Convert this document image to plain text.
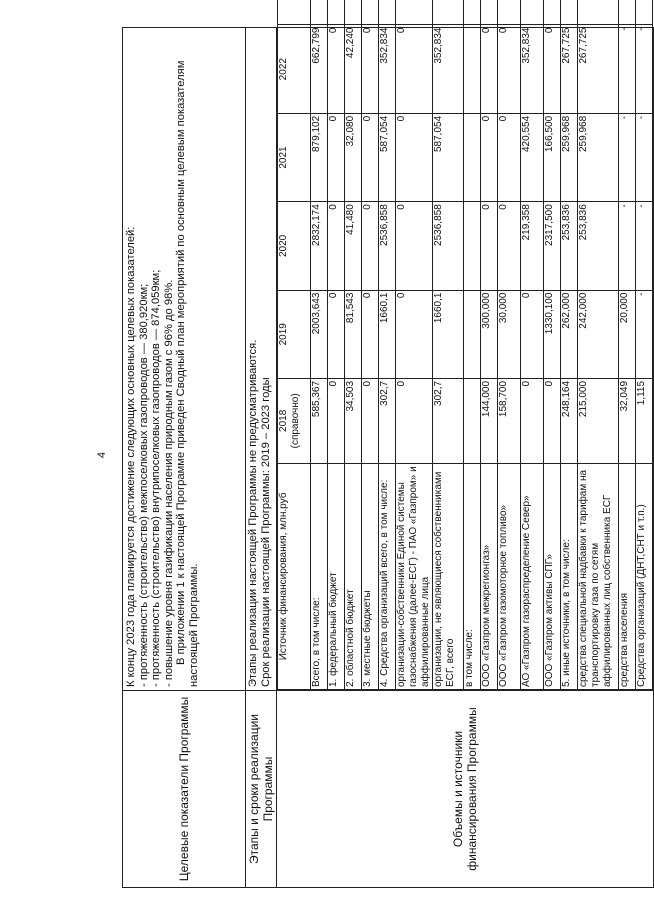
4
Целевые показатели Программы	
К концу 2023 года планируется достижение следующих основных целевых показателей: - протяженность (строительство) межпоселковых газопроводов — 380,920км; - протяженность (строительство) внутрипоселковых газопроводов — 874,059км; - повышение уровня газификации населения природным газом с 96% до 98%. В приложении 1 к настоящей Программе приведен Сводный план мероприятий по основным целевым показателям настоящей Программы.

Этапы и сроки реализации Программы	
Этапы реализации настоящей Программы не предусматриваются. Срок реализации настоящей Программы: 2019 – 2023 годы

Объемы и источники финансирования Программы	
Источник финансирования, млн.руб	2018 (справочно)	2019	2020	2021	2022		
Всего, в том числе:	585,367	2003,643	2832,174	879,102	662,799		
1. федеральный бюджет	0	0	0	0	0		
2. областной бюджет	34,503	81,543	41,480	32,080	42,240		
3. местные бюджеты	0	0	0	0	0		
4. Средства организаций всего, в том числе:	302,7	1660,1	2536,858	587,054	352,834		
организации-собственники Единой системы газоснабжения (далее-ЕСГ) - ПАО «Газпром» и аффилированные лица	0	0	0	0	0		
организации, не являющиеся собственниками ЕСГ, всего	302,7	1660,1	2536,858	587,054	352,834		
в том числе:							ООО «Газпром межрегионгаз»	144,000	300,000	0	0	0		
ООО «Газпром газомоторное топливо»	158,700	30,000	0	0	0		
АО «Газпром газораспределение Север»	0	0	219,358	420,554	352,834		
ООО «Газпром активы СПГ»	0	1330,100	2317,500	166,500	0		
5. иные источники, в том числе:	248,164	262,000	253,836	259,968	267,725		
средства специальной надбавки к тарифам на транспортировку газа по сетям аффилированных лиц собственника ЕСГ	215,000	242,000	253,836	259,968	267,725		
средства населения	32,049	20,000	-	-	-		
Средства организаций (ДНТ,СНТ и т.п.)	1,115	-	-	-	-		
